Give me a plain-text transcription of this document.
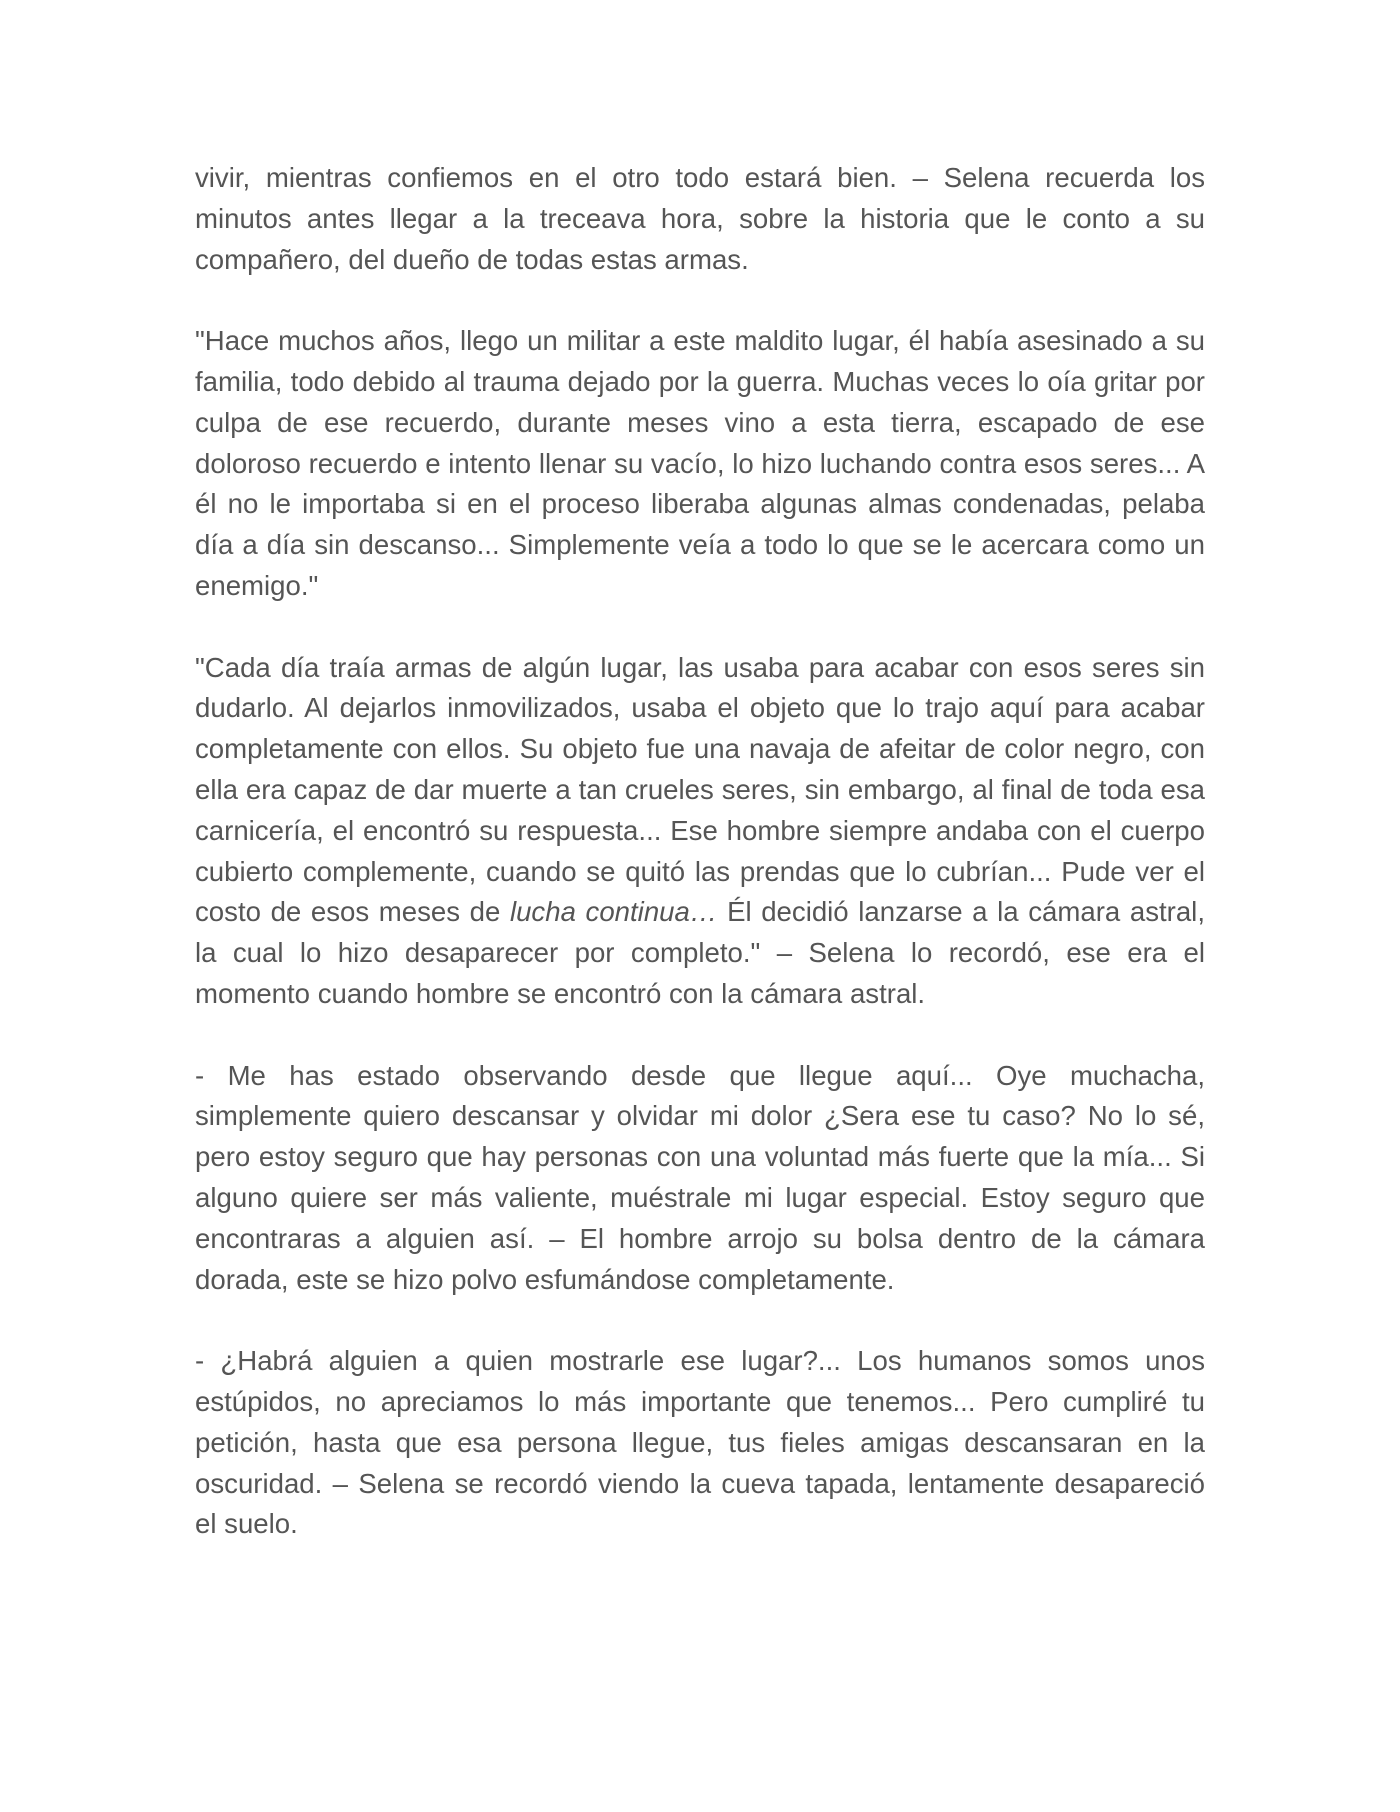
vivir, mientras confiemos en el otro todo estará bien. – Selena recuerda los minutos antes llegar a la treceava hora, sobre la historia que le conto a su compañero, del dueño de todas estas armas.

"Hace muchos años, llego un militar a este maldito lugar, él había asesinado a su familia, todo debido al trauma dejado por la guerra. Muchas veces lo oía gritar por culpa de ese recuerdo, durante meses vino a esta tierra, escapado de ese doloroso recuerdo e intento llenar su vacío, lo hizo luchando contra esos seres... A él no le importaba si en el proceso liberaba algunas almas condenadas, pelaba día a día sin descanso... Simplemente veía a todo lo que se le acercara como un enemigo."

"Cada día traía armas de algún lugar, las usaba para acabar con esos seres sin dudarlo. Al dejarlos inmovilizados, usaba el objeto que lo trajo aquí para acabar completamente con ellos. Su objeto fue una navaja de afeitar de color negro, con ella era capaz de dar muerte a tan crueles seres, sin embargo, al final de toda esa carnicería, el encontró su respuesta... Ese hombre siempre andaba con el cuerpo cubierto complemente, cuando se quitó las prendas que lo cubrían... Pude ver el costo de esos meses de lucha continua… Él decidió lanzarse a la cámara astral, la cual lo hizo desaparecer por completo." – Selena lo recordó, ese era el momento cuando hombre se encontró con la cámara astral.

- Me has estado observando desde que llegue aquí... Oye muchacha, simplemente quiero descansar y olvidar mi dolor ¿Sera ese tu caso? No lo sé, pero estoy seguro que hay personas con una voluntad más fuerte que la mía... Si alguno quiere ser más valiente, muéstrale mi lugar especial. Estoy seguro que encontraras a alguien así. – El hombre arrojo su bolsa dentro de la cámara dorada, este se hizo polvo esfumándose completamente.

- ¿Habrá alguien a quien mostrarle ese lugar?... Los humanos somos unos estúpidos, no apreciamos lo más importante que tenemos... Pero cumpliré tu petición, hasta que esa persona llegue, tus fieles amigas descansaran en la oscuridad. – Selena se recordó viendo la cueva tapada, lentamente desapareció el suelo.
